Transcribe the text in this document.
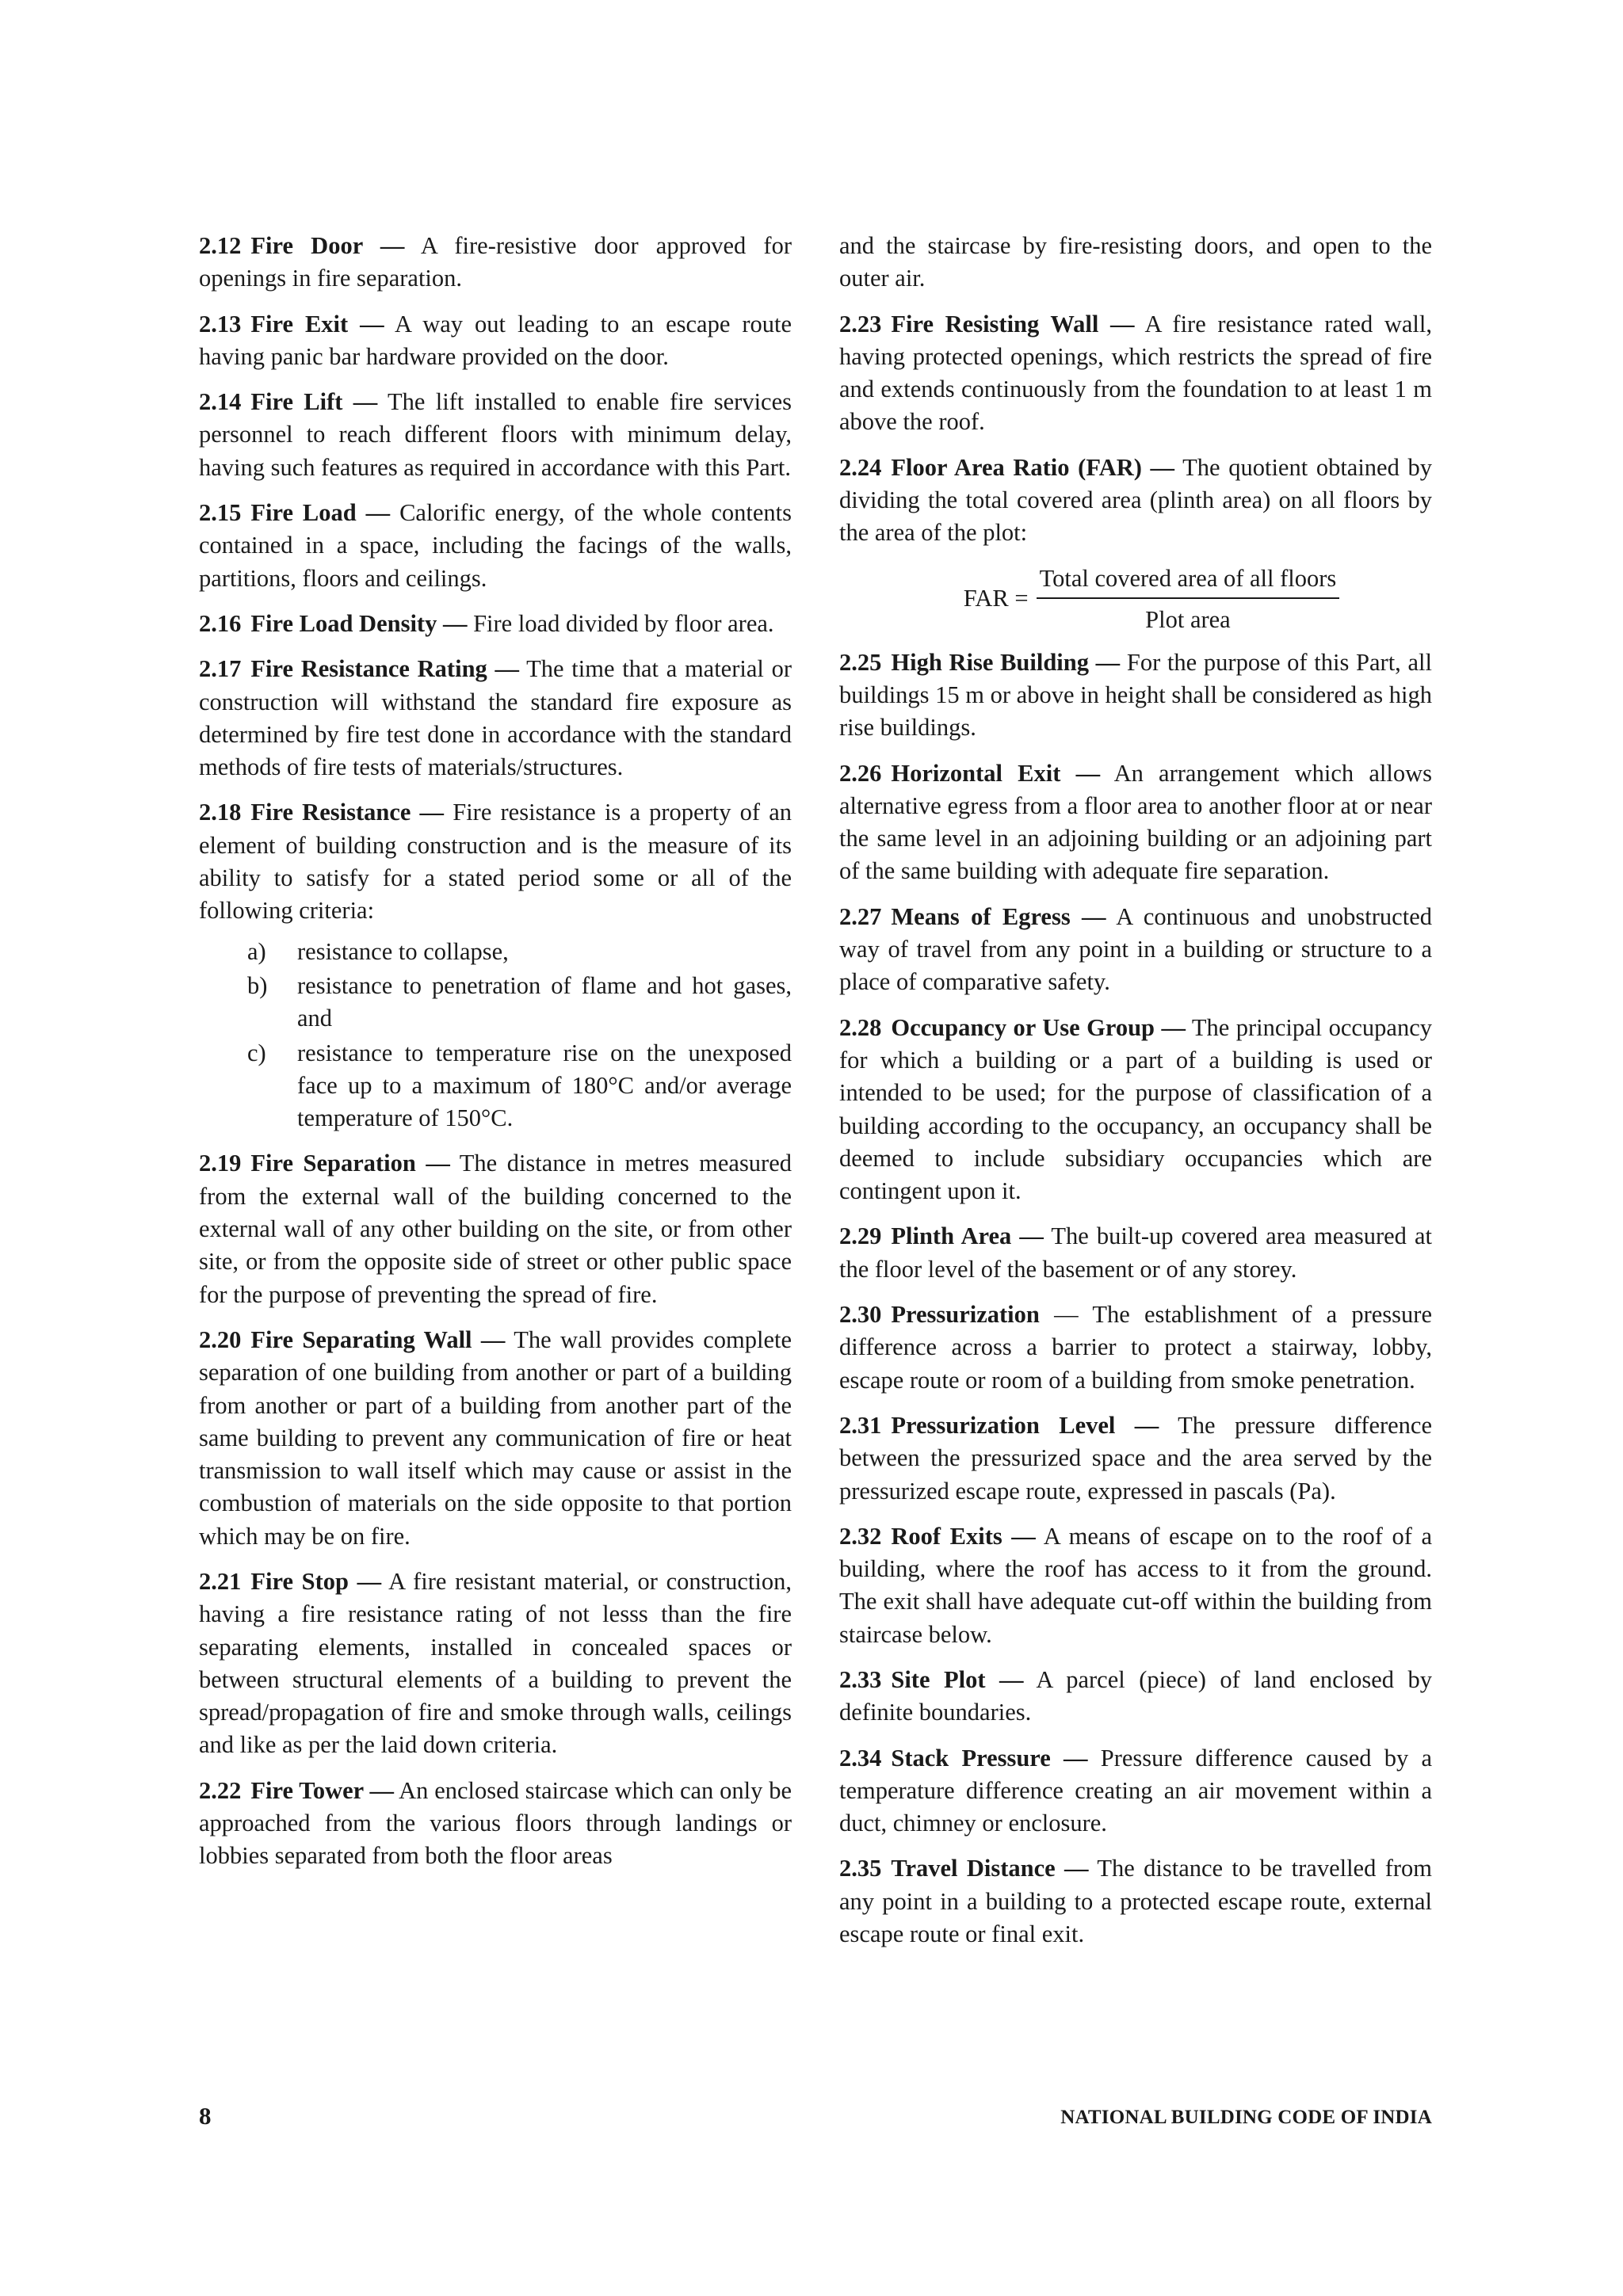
2.12 Fire Door — A fire-resistive door approved for openings in fire separation.

2.13 Fire Exit — A way out leading to an escape route having panic bar hardware provided on the door.

2.14 Fire Lift — The lift installed to enable fire services personnel to reach different floors with minimum delay, having such features as required in accordance with this Part.

2.15 Fire Load — Calorific energy, of the whole contents contained in a space, including the facings of the walls, partitions, floors and ceilings.

2.16 Fire Load Density — Fire load divided by floor area.

2.17 Fire Resistance Rating — The time that a material or construction will withstand the standard fire exposure as determined by fire test done in accordance with the standard methods of fire tests of materials/structures.

2.18 Fire Resistance — Fire resistance is a property of an element of building construction and is the measure of its ability to satisfy for a stated period some or all of the following criteria:

a) resistance to collapse,
b) resistance to penetration of flame and hot gases, and
c) resistance to temperature rise on the unexposed face up to a maximum of 180°C and/or average temperature of 150°C.

2.19 Fire Separation — The distance in metres measured from the external wall of the building concerned to the external wall of any other building on the site, or from other site, or from the opposite side of street or other public space for the purpose of preventing the spread of fire.

2.20 Fire Separating Wall — The wall provides complete separation of one building from another or part of a building from another or part of a building from another part of the same building to prevent any communication of fire or heat transmission to wall itself which may cause or assist in the combustion of materials on the side opposite to that portion which may be on fire.

2.21 Fire Stop — A fire resistant material, or construction, having a fire resistance rating of not lesss than the fire separating elements, installed in concealed spaces or between structural elements of a building to prevent the spread/propagation of fire and smoke through walls, ceilings and like as per the laid down criteria.

2.22 Fire Tower — An enclosed staircase which can only be approached from the various floors through landings or lobbies separated from both the floor areas

and the staircase by fire-resisting doors, and open to the outer air.

2.23 Fire Resisting Wall — A fire resistance rated wall, having protected openings, which restricts the spread of fire and extends continuously from the foundation to at least 1 m above the roof.

2.24 Floor Area Ratio (FAR) — The quotient obtained by dividing the total covered area (plinth area) on all floors by the area of the plot:

FAR = $\frac{\text{Total covered area of all floors}}{\text{Plot area}}$

2.25 High Rise Building — For the purpose of this Part, all buildings 15 m or above in height shall be considered as high rise buildings.

2.26 Horizontal Exit — An arrangement which allows alternative egress from a floor area to another floor at or near the same level in an adjoining building or an adjoining part of the same building with adequate fire separation.

2.27 Means of Egress — A continuous and unobstructed way of travel from any point in a building or structure to a place of comparative safety.

2.28 Occupancy or Use Group — The principal occupancy for which a building or a part of a building is used or intended to be used; for the purpose of classification of a building according to the occupancy, an occupancy shall be deemed to include subsidiary occupancies which are contingent upon it.

2.29 Plinth Area — The built-up covered area measured at the floor level of the basement or of any storey.

2.30 Pressurization — The establishment of a pressure difference across a barrier to protect a stairway, lobby, escape route or room of a building from smoke penetration.

2.31 Pressurization Level — The pressure difference between the pressurized space and the area served by the pressurized escape route, expressed in pascals (Pa).

2.32 Roof Exits — A means of escape on to the roof of a building, where the roof has access to it from the ground. The exit shall have adequate cut-off within the building from staircase below.

2.33 Site Plot — A parcel (piece) of land enclosed by definite boundaries.

2.34 Stack Pressure — Pressure difference caused by a temperature difference creating an air movement within a duct, chimney or enclosure.

2.35 Travel Distance — The distance to be travelled from any point in a building to a protected escape route, external escape route or final exit.

8	NATIONAL BUILDING CODE OF INDIA
